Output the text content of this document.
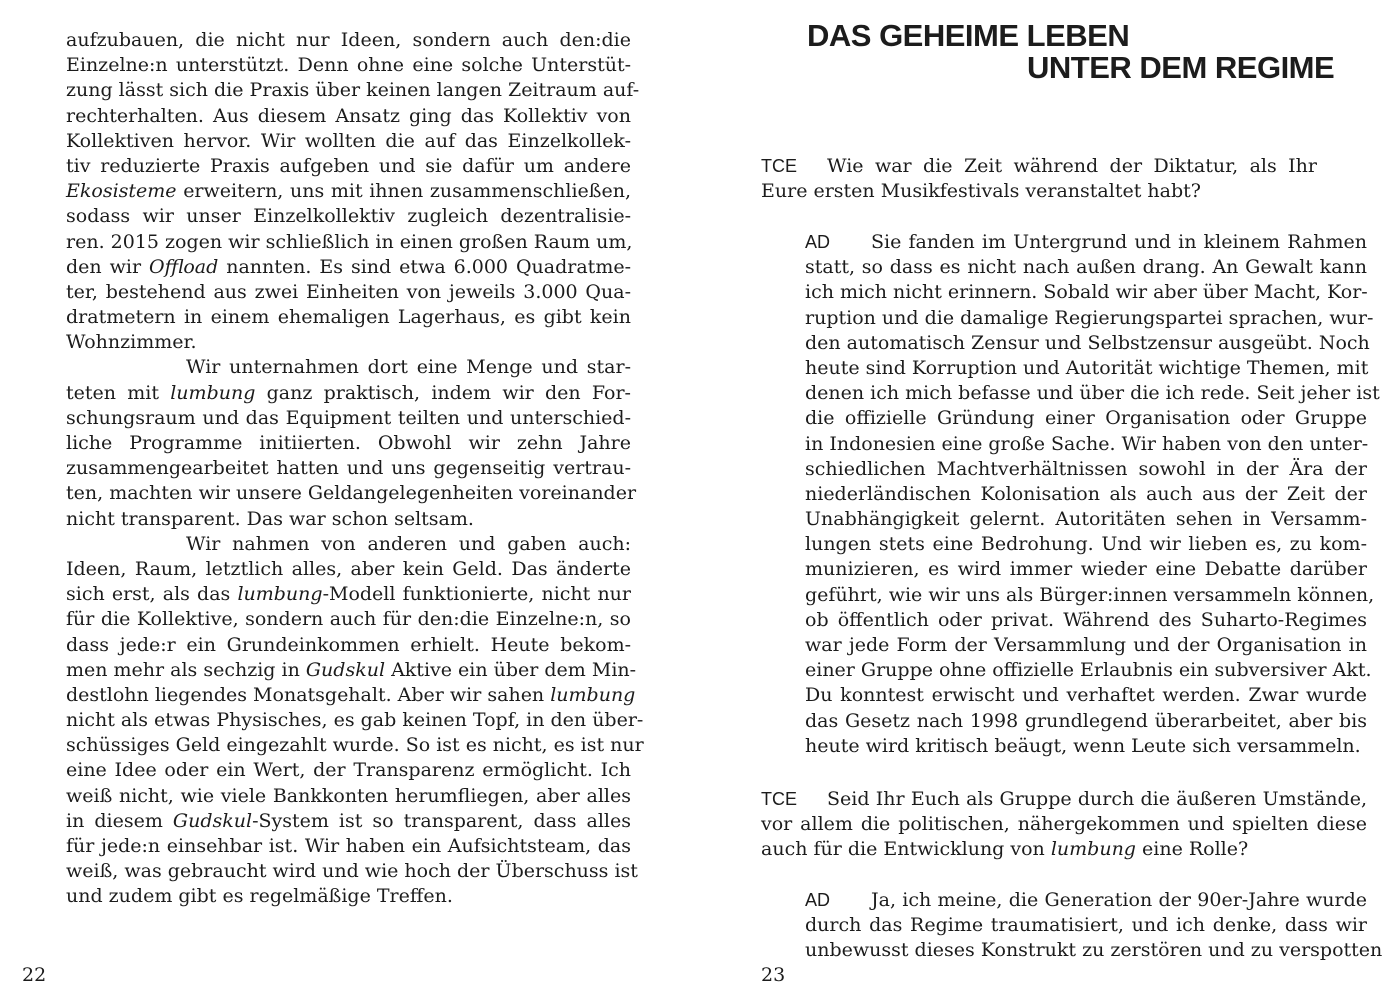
aufzubauen, die nicht nur Ideen, sondern auch den:die
Einzelne:n unterstützt. Denn ohne eine solche Unterstüt-
zung lässt sich die Praxis über keinen langen Zeitraum auf-
rechterhalten. Aus diesem Ansatz ging das Kollektiv von
Kollektiven hervor. Wir wollten die auf das Einzelkollek-
tiv reduzierte Praxis aufgeben und sie dafür um andere
Ekosisteme erweitern, uns mit ihnen zusammenschließen,
sodass wir unser Einzelkollektiv zugleich dezentralisie-
ren. 2015 zogen wir schließlich in einen großen Raum um,
den wir Offload nannten. Es sind etwa 6.000 Quadratme-
ter, bestehend aus zwei Einheiten von jeweils 3.000 Qua-
dratmetern in einem ehemaligen Lagerhaus, es gibt kein
Wohnzimmer.
Wir unternahmen dort eine Menge und star-
teten mit lumbung ganz praktisch, indem wir den For-
schungsraum und das Equipment teilten und unterschied-
liche Programme initiierten. Obwohl wir zehn Jahre
zusammengearbeitet hatten und uns gegenseitig vertrau-
ten, machten wir unsere Geldangelegenheiten voreinander
nicht transparent. Das war schon seltsam.
Wir nahmen von anderen und gaben auch:
Ideen, Raum, letztlich alles, aber kein Geld. Das änderte
sich erst, als das lumbung-Modell funktionierte, nicht nur
für die Kollektive, sondern auch für den:die Einzelne:n, so
dass jede:r ein Grundeinkommen erhielt. Heute bekom-
men mehr als sechzig in Gudskul Aktive ein über dem Min-
destlohn liegendes Monatsgehalt. Aber wir sahen lumbung
nicht als etwas Physisches, es gab keinen Topf, in den über-
schüssiges Geld eingezahlt wurde. So ist es nicht, es ist nur
eine Idee oder ein Wert, der Transparenz ermöglicht. Ich
weiß nicht, wie viele Bankkonten herumfliegen, aber alles
in diesem Gudskul-System ist so transparent, dass alles
für jede:n einsehbar ist. Wir haben ein Aufsichtsteam, das
weiß, was gebraucht wird und wie hoch der Überschuss ist
und zudem gibt es regelmäßige Treffen.
22
DAS GEHEIME LEBEN
UNTER DEM REGIME
TCE Wie war die Zeit während der Diktatur, als Ihr
Eure ersten Musikfestivals veranstaltet habt?
AD Sie fanden im Untergrund und in kleinem Rahmen
statt, so dass es nicht nach außen drang. An Gewalt kann
ich mich nicht erinnern. Sobald wir aber über Macht, Kor-
ruption und die damalige Regierungspartei sprachen, wur-
den automatisch Zensur und Selbstzensur ausgeübt. Noch
heute sind Korruption und Autorität wichtige Themen, mit
denen ich mich befasse und über die ich rede. Seit jeher ist
die offizielle Gründung einer Organisation oder Gruppe
in Indonesien eine große Sache. Wir haben von den unter-
schiedlichen Machtverhältnissen sowohl in der Ära der
niederländischen Kolonisation als auch aus der Zeit der
Unabhängigkeit gelernt. Autoritäten sehen in Versamm-
lungen stets eine Bedrohung. Und wir lieben es, zu kom-
munizieren, es wird immer wieder eine Debatte darüber
geführt, wie wir uns als Bürger:innen versammeln können,
ob öffentlich oder privat. Während des Suharto-Regimes
war jede Form der Versammlung und der Organisation in
einer Gruppe ohne offizielle Erlaubnis ein subversiver Akt.
Du konntest erwischt und verhaftet werden. Zwar wurde
das Gesetz nach 1998 grundlegend überarbeitet, aber bis
heute wird kritisch beäugt, wenn Leute sich versammeln.
TCE Seid Ihr Euch als Gruppe durch die äußeren Umstände,
vor allem die politischen, nähergekommen und spielten diese
auch für die Entwicklung von lumbung eine Rolle?
AD Ja, ich meine, die Generation der 90er-Jahre wurde
durch das Regime traumatisiert, und ich denke, dass wir
unbewusst dieses Konstrukt zu zerstören und zu verspotten
23
